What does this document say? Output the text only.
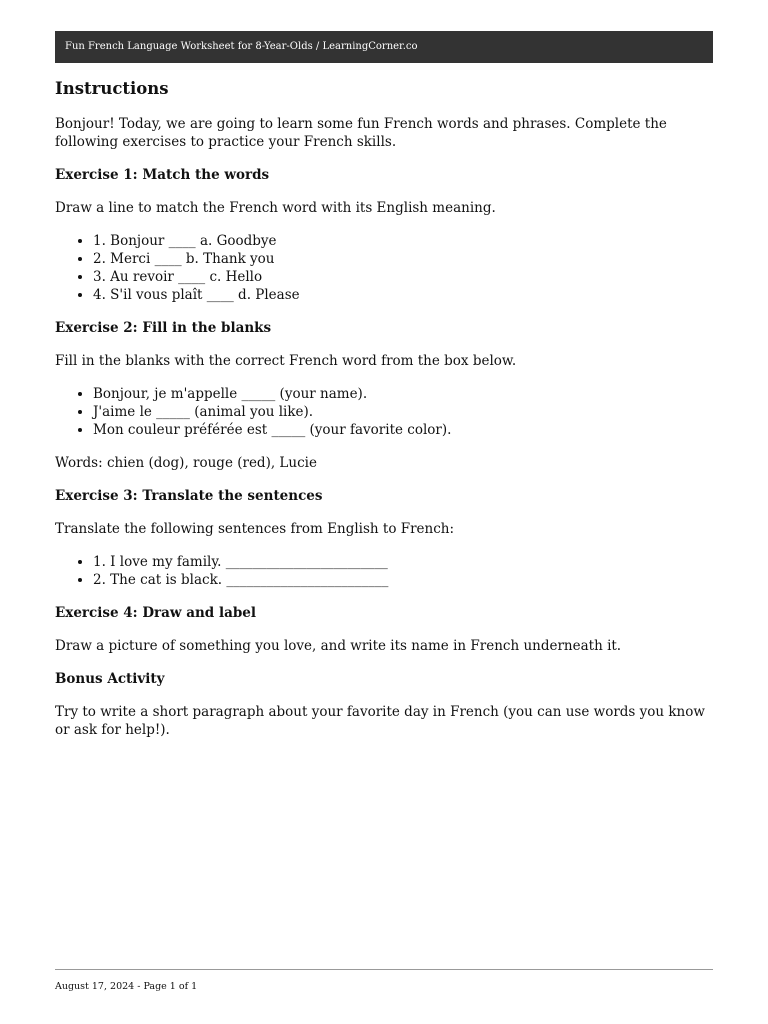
Fun French Language Worksheet for 8-Year-Olds / LearningCorner.co
Instructions

Bonjour! Today, we are going to learn some fun French words and phrases. Complete the following exercises to practice your French skills.

Exercise 1: Match the words

Draw a line to match the French word with its English meaning.

• 1. Bonjour ____ a. Goodbye
• 2. Merci ____ b. Thank you
• 3. Au revoir ____ c. Hello
• 4. S'il vous plaît ____ d. Please

Exercise 2: Fill in the blanks

Fill in the blanks with the correct French word from the box below.

• Bonjour, je m'appelle _____ (your name).
• J'aime le _____ (animal you like).
• Mon couleur préférée est _____ (your favorite color).

Words: chien (dog), rouge (red), Lucie

Exercise 3: Translate the sentences

Translate the following sentences from English to French:

• 1. I love my family. ________________________
• 2. The cat is black. ________________________

Exercise 4: Draw and label

Draw a picture of something you love, and write its name in French underneath it.

Bonus Activity

Try to write a short paragraph about your favorite day in French (you can use words you know or ask for help!).

August 17, 2024 - Page 1 of 1
